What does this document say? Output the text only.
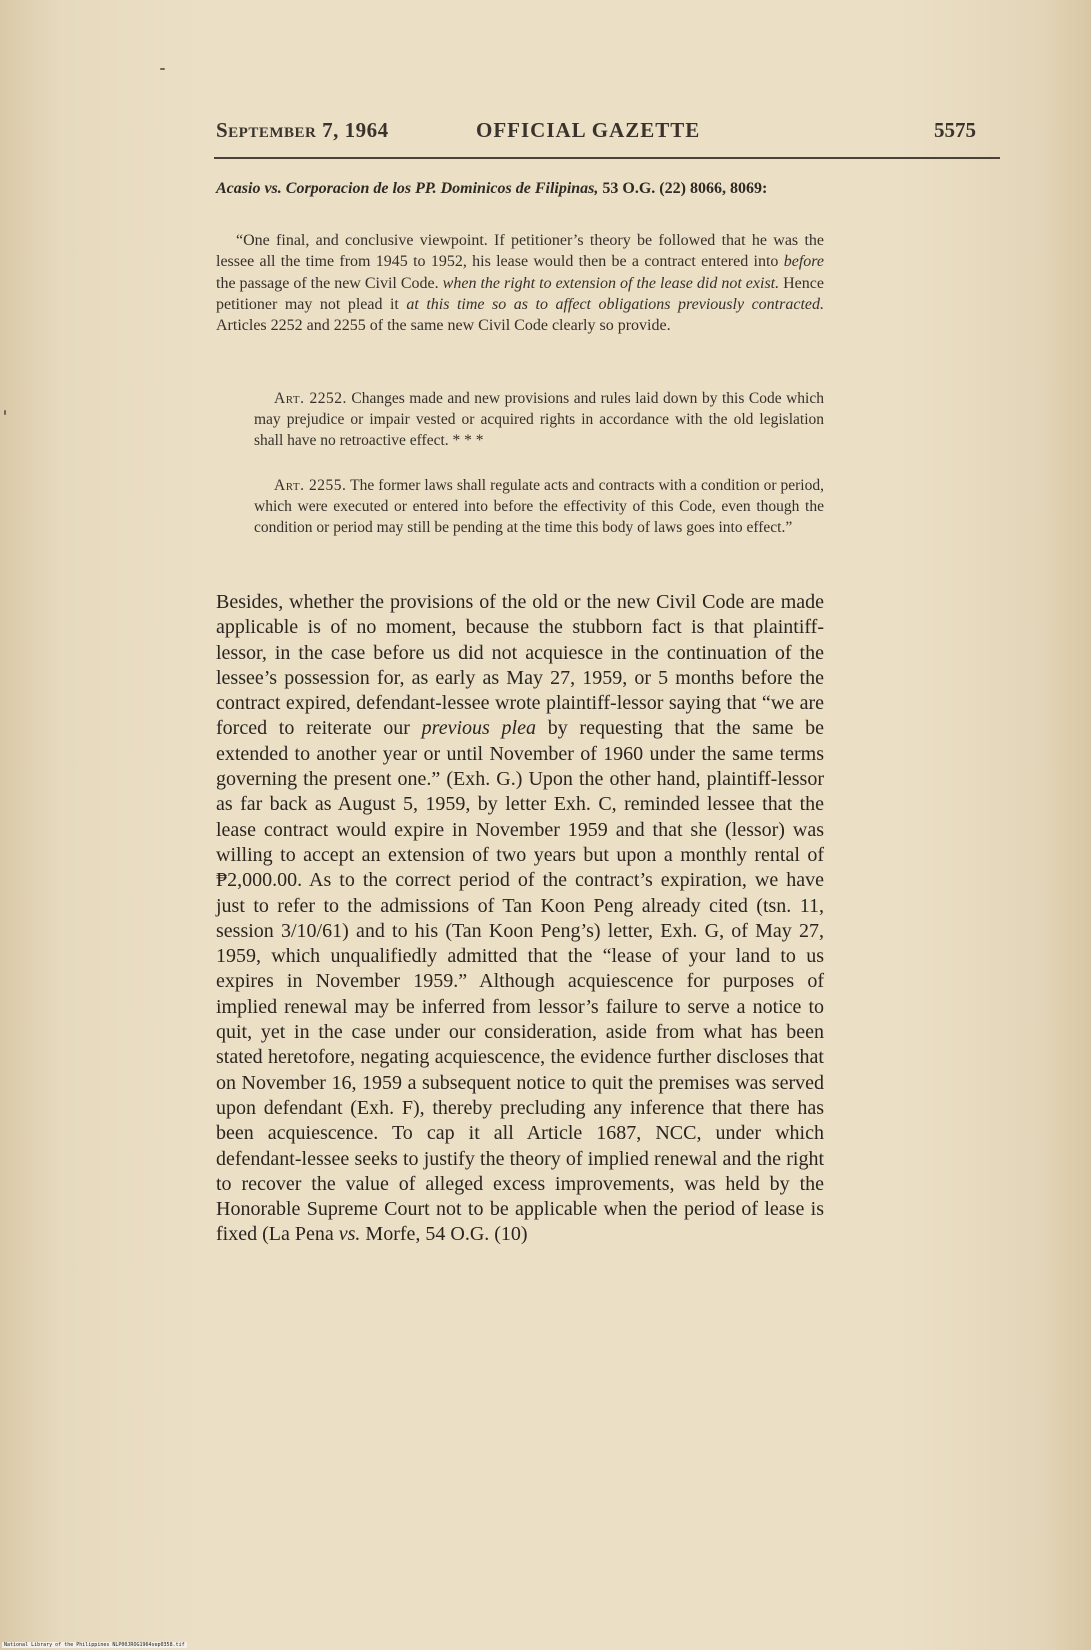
September 7, 1964	OFFICIAL GAZETTE	5575
Acasio vs. Corporacion de los PP. Dominicos de Filipinas, 53 O.G. (22) 8066, 8069:

“One final, and conclusive viewpoint. If petitioner’s theory be followed that he was the lessee all the time from 1945 to 1952, his lease would then be a contract entered into before the passage of the new Civil Code. when the right to extension of the lease did not exist. Hence petitioner may not plead it at this time so as to affect obligations previously contracted. Articles 2252 and 2255 of the same new Civil Code clearly so provide.

Art. 2252. Changes made and new provisions and rules laid down by this Code which may prejudice or impair vested or acquired rights in accordance with the old legislation shall have no retroactive effect. * * *

Art. 2255. The former laws shall regulate acts and contracts with a condition or period, which were executed or entered into before the effectivity of this Code, even though the condition or period may still be pending at the time this body of laws goes into effect.”

Besides, whether the provisions of the old or the new Civil Code are made applicable is of no moment, because the stubborn fact is that plaintiff-lessor, in the case before us did not acquiesce in the continuation of the lessee’s possession for, as early as May 27, 1959, or 5 months before the contract expired, defendant-lessee wrote plaintiff-lessor saying that “we are forced to reiterate our previous plea by requesting that the same be extended to another year or until November of 1960 under the same terms governing the present one.” (Exh. G.) Upon the other hand, plaintiff-lessor as far back as August 5, 1959, by letter Exh. C, reminded lessee that the lease contract would expire in November 1959 and that she (lessor) was willing to accept an extension of two years but upon a monthly rental of ₱2,000.00. As to the correct period of the contract’s expiration, we have just to refer to the admissions of Tan Koon Peng already cited (tsn. 11, session 3/10/61) and to his (Tan Koon Peng’s) letter, Exh. G, of May 27, 1959, which unqualifiedly admitted that the “lease of your land to us expires in November 1959.” Although acquiescence for purposes of implied renewal may be inferred from lessor’s failure to serve a notice to quit, yet in the case under our consideration, aside from what has been stated heretofore, negating acquiescence, the evidence further discloses that on November 16, 1959 a subsequent notice to quit the premises was served upon defendant (Exh. F), thereby precluding any inference that there has been acquiescence. To cap it all Article 1687, NCC, under which defendant-lessee seeks to justify the theory of implied renewal and the right to recover the value of alleged excess improvements, was held by the Honorable Supreme Court not to be applicable when the period of lease is fixed (La Pena vs. Morfe, 54 O.G. (10)

National Library of the Philippines NLP00JROG1964sep0358.tif
